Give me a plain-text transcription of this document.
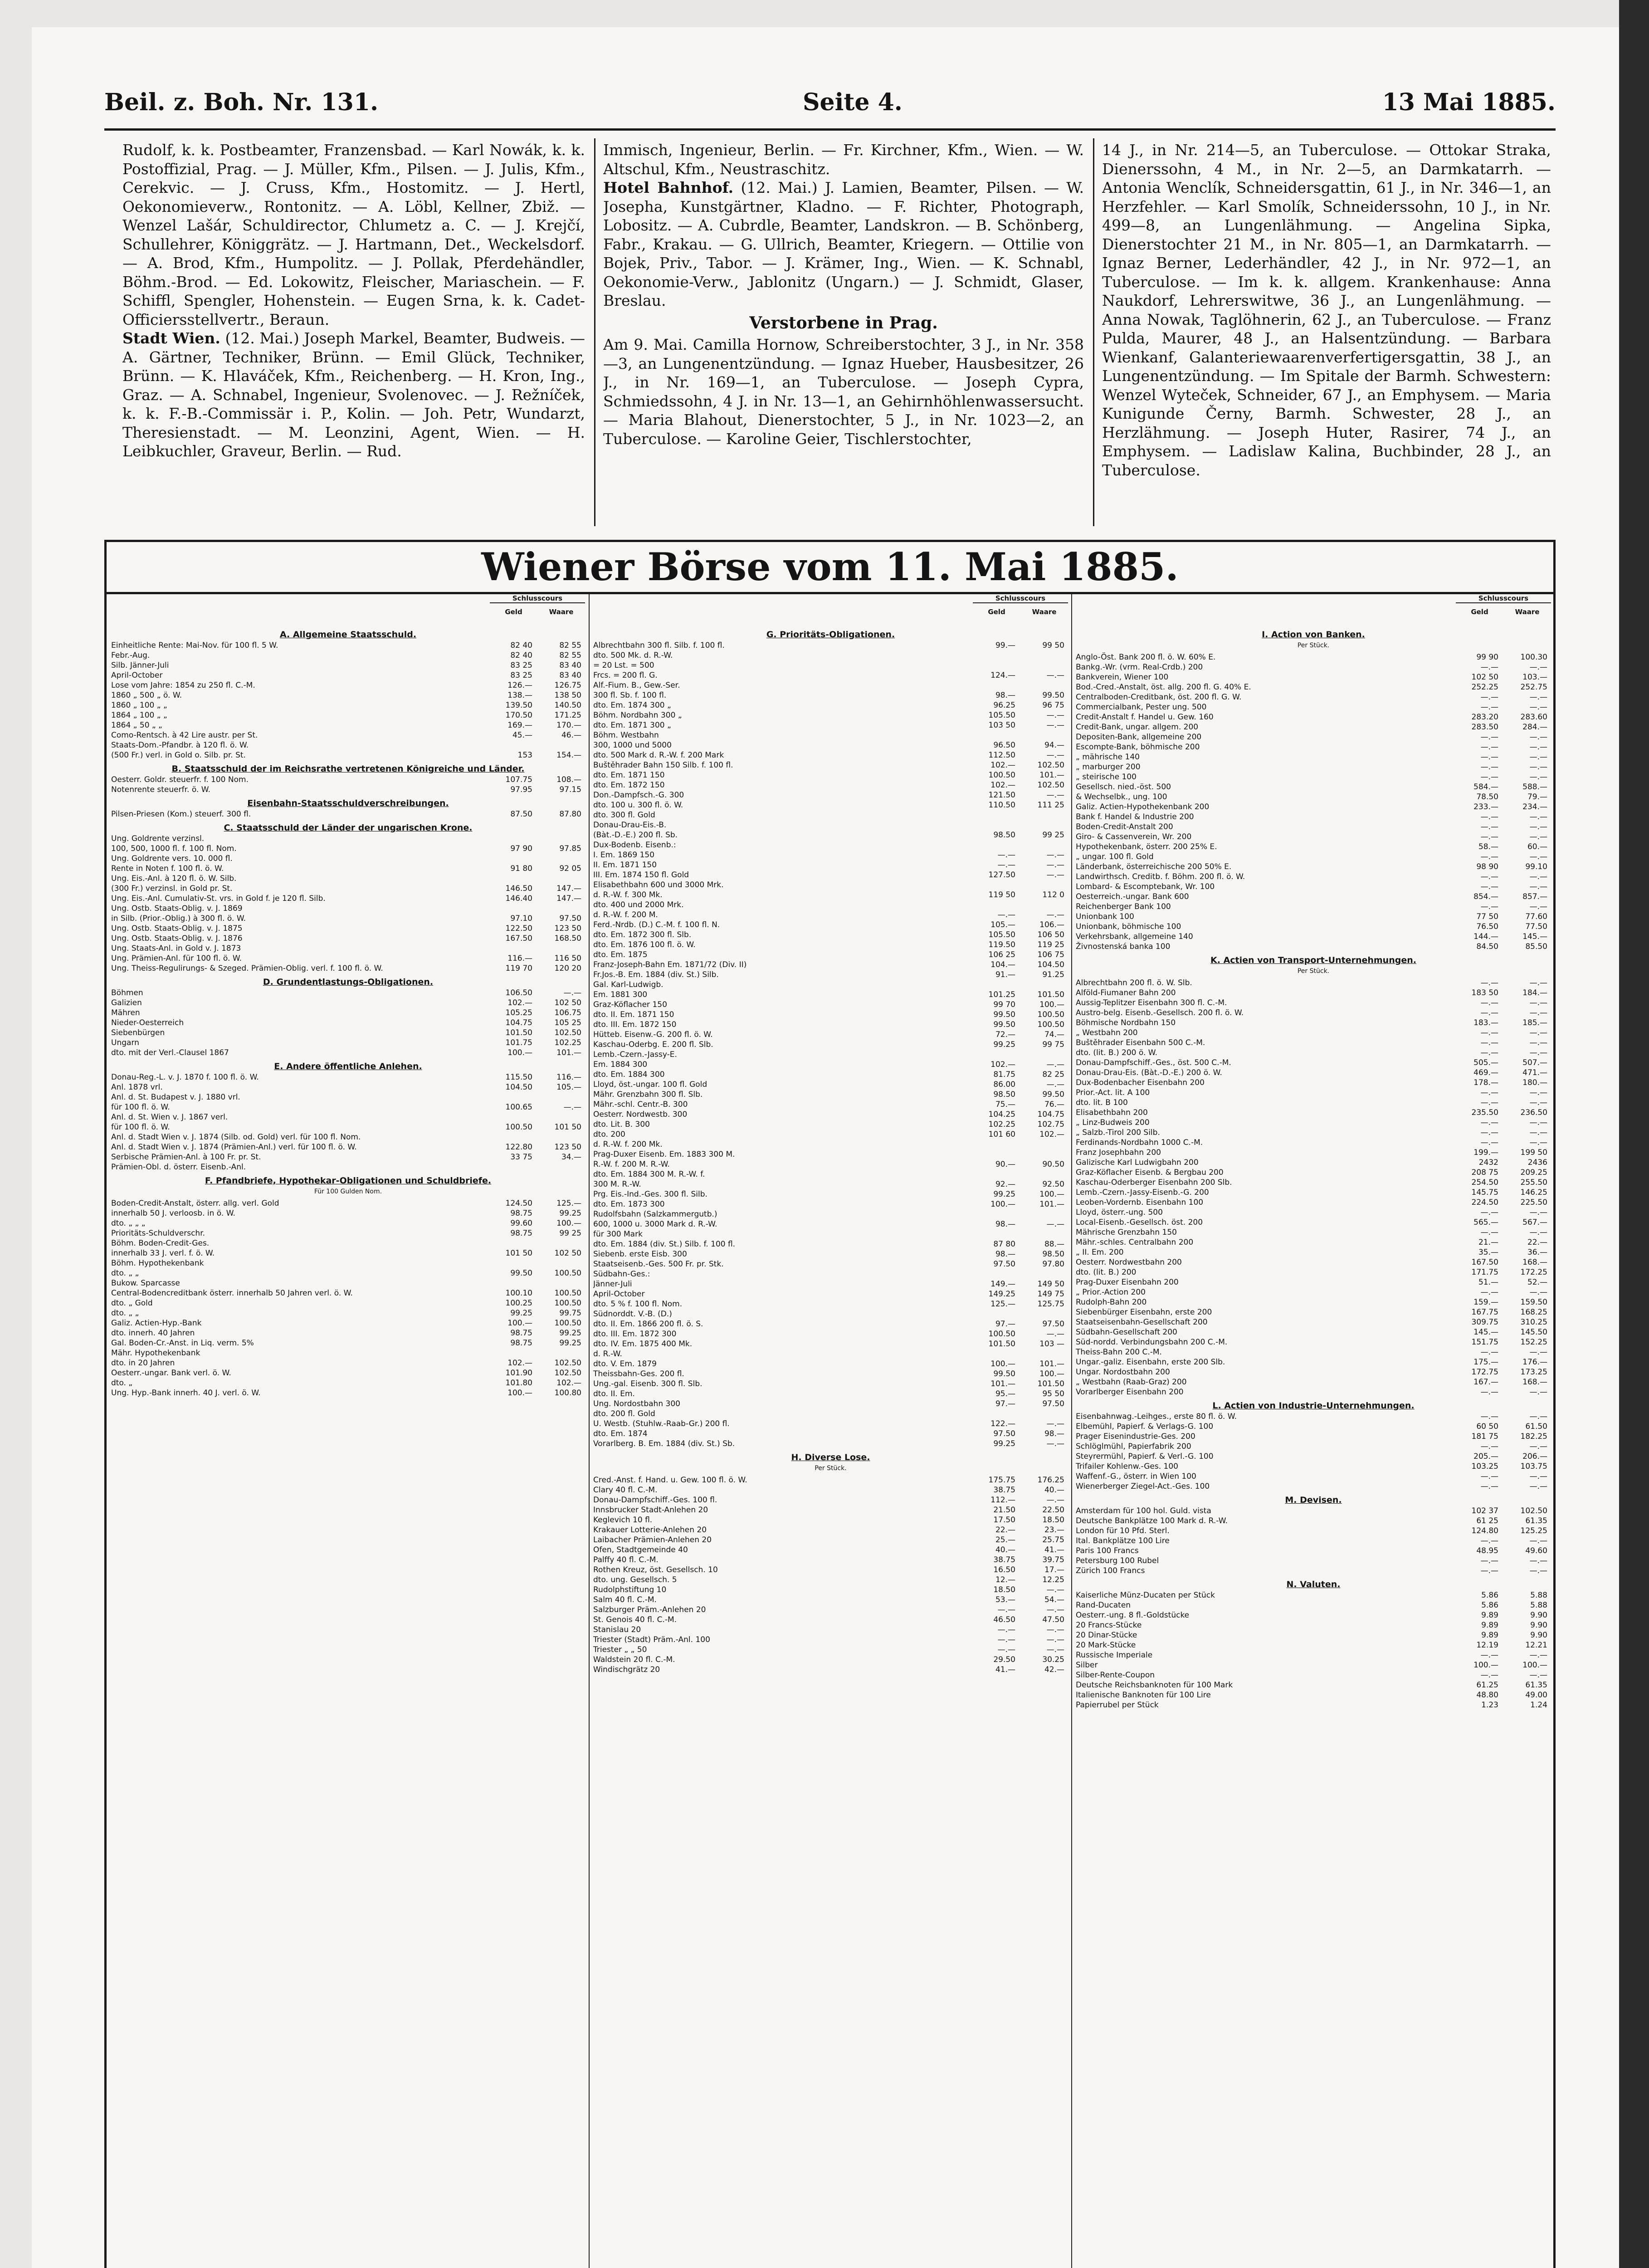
Beil. z. Boh. Nr. 131.	Seite 4.	13 Mai 1885.

Rudolf, k. k. Postbeamter, Franzensbad. — Karl Nowák, k. k. Postoffizial, Prag. — J. Müller, Kfm., Pilsen. — J. Julis, Kfm., Cerekvic. — J. Cruss, Kfm., Hostomitz. — J. Hertl, Oekonomieverw., Rontonitz. — A. Löbl, Kellner, Zbiž. — Wenzel Lašár, Schuldirector, Chlumetz a. C. — J. Krejčí, Schullehrer, Königgrätz. — J. Hartmann, Det., Weckelsdorf. — A. Brod, Kfm., Humpolitz. — J. Pollak, Pferdehändler, Böhm.-Brod. — Ed. Lokowitz, Fleischer, Mariaschein. — F. Schiffl, Spengler, Hohenstein. — Eugen Srna, k. k. Cadet-Officiersstellvertr., Beraun.

Stadt Wien. (12. Mai.) Joseph Markel, Beamter, Budweis. — A. Gärtner, Techniker, Brünn. — Emil Glück, Techniker, Brünn. — K. Hlaváček, Kfm., Reichenberg. — H. Kron, Ing., Graz. — A. Schnabel, Ingenieur, Svolenovec. — J. Režníček, k. k. F.-B.-Commissär i. P., Kolin. — Joh. Petr, Wundarzt, Theresienstadt. — M. Leonzini, Agent, Wien. — H. Leibkuchler, Graveur, Berlin. — Rud.

Immisch, Ingenieur, Berlin. — Fr. Kirchner, Kfm., Wien. — W. Altschul, Kfm., Neustraschitz.

Hotel Bahnhof. (12. Mai.) J. Lamien, Beamter, Pilsen. — W. Josepha, Kunstgärtner, Kladno. — F. Richter, Photograph, Lobositz. — A. Cubrdle, Beamter, Landskron. — B. Schönberg, Fabr., Krakau. — G. Ullrich, Beamter, Kriegern. — Ottilie von Bojek, Priv., Tabor. — J. Krämer, Ing., Wien. — K. Schnabl, Oekonomie-Verw., Jablonitz (Ungarn.) — J. Schmidt, Glaser, Breslau.

Verstorbene in Prag.

Am 9. Mai. Camilla Hornow, Schreiberstochter, 3 J., in Nr. 358—3, an Lungenentzündung. — Ignaz Hueber, Hausbesitzer, 26 J., in Nr. 169—1, an Tuberculose. — Joseph Cypra, Schmiedssohn, 4 J. in Nr. 13—1, an Gehirnhöhlenwassersucht. — Maria Blahout, Dienerstochter, 5 J., in Nr. 1023—2, an Tuberculose. — Karoline Geier, Tischlerstochter,

14 J., in Nr. 214—5, an Tuberculose. — Ottokar Straka, Dienerssohn, 4 M., in Nr. 2—5, an Darmkatarrh. — Antonia Wenclík, Schneidersgattin, 61 J., in Nr. 346—1, an Herzfehler. — Karl Smolík, Schneiderssohn, 10 J., in Nr. 499—8, an Lungenlähmung. — Angelina Sipka, Dienerstochter 21 M., in Nr. 805—1, an Darmkatarrh. — Ignaz Berner, Lederhändler, 42 J., in Nr. 972—1, an Tuberculose. — Im k. k. allgem. Krankenhause: Anna Naukdorf, Lehrerswitwe, 36 J., an Lungenlähmung. — Anna Nowak, Taglöhnerin, 62 J., an Tuberculose. — Franz Pulda, Maurer, 48 J., an Halsentzündung. — Barbara Wienkanf, Galanteriewaarenverfertigersgattin, 38 J., an Lungenentzündung. — Im Spitale der Barmh. Schwestern: Wenzel Wyteček, Schneider, 67 J., an Emphysem. — Maria Kunigunde Černy, Barmh. Schwester, 28 J., an Herzlähmung. — Joseph Huter, Rasirer, 74 J., an Emphysem. — Ladislaw Kalina, Buchbinder, 28 J., an Tuberculose.

Wiener Börse vom 11. Mai 1885.
Schlusscours
Geld	Waare
Schlusscours
Geld	Waare
Schlusscours
Geld	Waare
A. Allgemeine Staatsschuld.
Einheitliche Rente: Mai-Nov. für 100 fl. 5 W.	82 40	82 55
Febr.-Aug.	82 40	82 55
Silb. Jänner-Juli	83 25	83 40
April-October	83 25	83 40
Lose vom Jahre: 1854 zu 250 fl. C.-M.	126.—	126.75
1860 „ 500 „ ö. W.	138.—	138 50
1860 „ 100 „ „	139.50	140.50
1864 „ 100 „ „	170.50	171.25
1864 „ 50 „ „	169.—	170.—
Como-Rentsch. à 42 Lire austr. per St.	45.—	46.—
Staats-Dom.-Pfandbr. à 120 fl. ö. W.
(500 Fr.) verl. in Gold o. Silb. pr. St.	153	154.—
B. Staatsschuld der im Reichsrathe vertretenen Königreiche und Länder.
Oesterr. Goldr. steuerfr. f. 100 Nom.	107.75	108.—
Notenrente steuerfr. ö. W.	97.95	97.15
Eisenbahn-Staatsschuldverschreibungen.
Pilsen-Priesen (Kom.) steuerf. 300 fl.	87.50	87.80
C. Staatsschuld der Länder der ungarischen Krone.
Ung. Goldrente verzinsl.
100, 500, 1000 fl. f. 100 fl. Nom.	97 90	97.85
Ung. Goldrente vers. 10. 000 fl.
Rente in Noten f. 100 fl. ö. W.	91 80	92 05
Ung. Eis.-Anl. à 120 fl. ö. W. Silb.
(300 Fr.) verzinsl. in Gold pr. St.	146.50	147.—
Ung. Eis.-Anl. Cumulativ-St. vrs. in Gold f. je 120 fl. Silb.	146.40	147.—
Ung. Ostb. Staats-Oblig. v. J. 1869
in Silb. (Prior.-Oblig.) à 300 fl. ö. W.	97.10	97.50
Ung. Ostb. Staats-Oblig. v. J. 1875	122.50	123 50
Ung. Ostb. Staats-Oblig. v. J. 1876	167.50	168.50
Ung. Staats-Anl. in Gold v. J. 1873
Ung. Prämien-Anl. für 100 fl. ö. W.	116.—	116 50
Ung. Theiss-Regulirungs- & Szeged. Prämien-Oblig. verl. f. 100 fl. ö. W.	119 70	120 20
D. Grundentlastungs-Obligationen.
Böhmen	106.50	—.—
Galizien	102.—	102 50
Mähren	105.25	106.75
Nieder-Oesterreich	104.75	105 25
Siebenbürgen	101.50	102.50
Ungarn	101.75	102.25
dto. mit der Verl.-Clausel 1867	100.—	101.—
E. Andere öffentliche Anlehen.
Donau-Reg.-L. v. J. 1870 f. 100 fl. ö. W.	115.50	116.—
Anl. 1878 vrl.	104.50	105.—
Anl. d. St. Budapest v. J. 1880 vrl.
für 100 fl. ö. W.	100.65	—.—
Anl. d. St. Wien v. J. 1867 verl.
für 100 fl. ö. W.	100.50	101 50
Anl. d. Stadt Wien v. J. 1874 (Silb. od. Gold) verl. für 100 fl. Nom.
Anl. d. Stadt Wien v. J. 1874 (Prämien-Anl.) verl. für 100 fl. ö. W.	122.80	123 50
Serbische Prämien-Anl. à 100 Fr. pr. St.	33 75	34.—
Prämien-Obl. d. österr. Eisenb.-Anl.
F. Pfandbriefe, Hypothekar-Obligationen und Schuldbriefe.
Für 100 Gulden Nom.
Boden-Credit-Anstalt, österr. allg. verl. Gold	124.50	125.—
innerhalb 50 J. verloosb. in ö. W.	98.75	99.25
dto. „ „ „	99.60	100.—
Prioritäts-Schuldverschr.	98.75	99 25
Böhm. Boden-Credit-Ges.
innerhalb 33 J. verl. f. ö. W.	101 50	102 50
Böhm. Hypothekenbank
dto. „ „	99.50	100.50
Bukow. Sparcasse
Central-Bodencreditbank österr. innerhalb 50 Jahren verl. ö. W.	100.10	100.50
dto. „ Gold	100.25	100.50
dto. „ „	99.25	99.75
Galiz. Actien-Hyp.-Bank	100.—	100.50
dto. innerh. 40 Jahren	98.75	99.25
Gal. Boden-Cr.-Anst. in Liq. verm. 5%	98.75	99.25
Mähr. Hypothekenbank
dto. in 20 Jahren	102.—	102.50
Oesterr.-ungar. Bank verl. ö. W.	101.90	102.50
dto. „	101.80	102.—
Ung. Hyp.-Bank innerh. 40 J. verl. ö. W.	100.—	100.80
G. Prioritäts-Obligationen.
Albrechtbahn 300 fl. Silb. f. 100 fl.	99.—	99 50
dto. 500 Mk. d. R.-W.
= 20 Lst. = 500
Frcs. = 200 fl. G.	124.—	—.—
Alf.-Fium. B., Gew.-Ser.
300 fl. Sb. f. 100 fl.	98.—	99.50
dto. Em. 1874 300 „	96.25	96 75
Böhm. Nordbahn 300 „	105.50	—.—
dto. Em. 1871 300 „	103 50	—.—
Böhm. Westbahn
300, 1000 und 5000	96.50	94.—
dto. 500 Mark d. R.-W. f. 200 Mark	112.50	—.—
Buštěhrader Bahn 150 Silb. f. 100 fl.	102.—	102.50
dto. Em. 1871 150	100.50	101.—
dto. Em. 1872 150	102.—	102.50
Don.-Dampfsch.-G. 300	121.50	—.—
dto. 100 u. 300 fl. ö. W.	110.50	111 25
dto. 300 fl. Gold
Donau-Drau-Eis.-B.
(Bàt.-D.-E.) 200 fl. Sb.	98.50	99 25
Dux-Bodenb. Eisenb.:
I. Em. 1869 150	—.—	—.—
II. Em. 1871 150	—.—	—.—
III. Em. 1874 150 fl. Gold	127.50	—.—
Elisabethbahn 600 und 3000 Mrk.
d. R.-W. f. 300 Mk.	119 50	112 0
dto. 400 und 2000 Mrk.
d. R.-W. f. 200 M.	—.—	—.—
Ferd.-Nrdb. (D.) C.-M. f. 100 fl. N.	105.—	106.—
dto. Em. 1872 300 fl. Slb.	105.50	106 50
dto. Em. 1876 100 fl. ö. W.	119.50	119 25
dto. Em. 1875	106 25	106 75
Franz-Joseph-Bahn Em. 1871/72 (Div. II)	104.—	104.50
Fr.Jos.-B. Em. 1884 (div. St.) Silb.	91.—	91.25
Gal. Karl-Ludwigb.
Em. 1881 300	101.25	101.50
Graz-Köflacher 150	99 70	100.—
dto. II. Em. 1871 150	99.50	100.50
dto. III. Em. 1872 150	99.50	100.50
Hütteb. Eisenw.-G. 200 fl. ö. W.	72.—	74.—
Kaschau-Oderbg. E. 200 fl. Slb.	99.25	99 75
Lemb.-Czern.-Jassy-E.
Em. 1884 300	102.—	—.—
dto. Em. 1884 300	81.75	82 25
Lloyd, öst.-ungar. 100 fl. Gold	86.00	—.—
Mähr. Grenzbahn 300 fl. Slb.	98.50	99.50
Mähr.-schl. Centr.-B. 300	75.—	76.—
Oesterr. Nordwestb. 300	104.25	104.75
dto. Lit. B. 300	102.25	102.75
dto. 200	101 60	102.—
d. R.-W. f. 200 Mk.
Prag-Duxer Eisenb. Em. 1883 300 M.
R.-W. f. 200 M. R.-W.	90.—	90.50
dto. Em. 1884 300 M. R.-W. f.
300 M. R.-W.	92.—	92.50
Prg. Eis.-Ind.-Ges. 300 fl. Silb.	99.25	100.—
dto. Em. 1873 300	100.—	101.—
Rudolfsbahn (Salzkammergutb.)
600, 1000 u. 3000 Mark d. R.-W.	98.—	—.—
für 300 Mark
dto. Em. 1884 (div. St.) Silb. f. 100 fl.	87 80	88.—
Siebenb. erste Eisb. 300	98.—	98.50
Staatseisenb.-Ges. 500 Fr. pr. Stk.	97.50	97.80
Südbahn-Ges.:
Jänner-Juli	149.—	149 50
April-October	149.25	149 75
dto. 5 % f. 100 fl. Nom.	125.—	125.75
Südnorddt. V.-B. (D.)
dto. II. Em. 1866 200 fl. ö. S.	97.—	97.50
dto. III. Em. 1872 300	100.50	—.—
dto. IV. Em. 1875 400 Mk.	101.50	103 —
d. R.-W.
dto. V. Em. 1879	100.—	101.—
Theissbahn-Ges. 200 fl.	99.50	100.—
Ung.-gal. Eisenb. 300 fl. Slb.	101.—	101.50
dto. II. Em.	95.—	95 50
Ung. Nordostbahn 300	97.—	97.50
dto. 200 fl. Gold
U. Westb. (Stuhlw.-Raab-Gr.) 200 fl.	122.—	—.—
dto. Em. 1874	97.50	98.—
Vorarlberg. B. Em. 1884 (div. St.) Sb.	99.25	—.—
H. Diverse Lose.
Per Stück.
Cred.-Anst. f. Hand. u. Gew. 100 fl. ö. W.	175.75	176.25
Clary 40 fl. C.-M.	38.75	40.—
Donau-Dampfschiff.-Ges. 100 fl.	112.—	—.—
Innsbrucker Stadt-Anlehen 20	21.50	22.50
Keglevich 10 fl.	17.50	18.50
Krakauer Lotterie-Anlehen 20	22.—	23.—
Laibacher Prämien-Anlehen 20	25.—	25.75
Ofen, Stadtgemeinde 40	40.—	41.—
Palffy 40 fl. C.-M.	38.75	39.75
Rothen Kreuz, öst. Gesellsch. 10	16.50	17.—
dto. ung. Gesellsch. 5	12.—	12.25
Rudolphstiftung 10	18.50	—.—
Salm 40 fl. C.-M.	53.—	54.—
Salzburger Präm.-Anlehen 20	—.—	—.—
St. Genois 40 fl. C.-M.	46.50	47.50
Stanislau 20	—.—	—.—
Triester (Stadt) Präm.-Anl. 100	—.—	—.—
Triester „ „ 50	—.—	—.—
Waldstein 20 fl. C.-M.	29.50	30.25
Windischgrätz 20	41.—	42.—
I. Action von Banken.
Per Stück.
Anglo-Öst. Bank 200 fl. ö. W. 60% E.	99 90	100.30
Bankg.-Wr. (vrm. Real-Crdb.) 200	—.—	—.—
Bankverein, Wiener 100	102 50	103.—
Bod.-Cred.-Anstalt, öst. allg. 200 fl. G. 40% E.	252.25	252.75
Centralboden-Creditbank, öst. 200 fl. G. W.	—.—	—.—
Commercialbank, Pester ung. 500	—.—	—.—
Credit-Anstalt f. Handel u. Gew. 160	283.20	283.60
Credit-Bank, ungar. allgem. 200	283.50	284.—
Depositen-Bank, allgemeine 200	—.—	—.—
Escompte-Bank, böhmische 200	—.—	—.—
„ mährische 140	—.—	—.—
„ marburger 200	—.—	—.—
„ steirische 100	—.—	—.—
Gesellsch. nied.-öst. 500	584.—	588.—
& Wechselbk., ung. 100	78.50	79.—
Galiz. Actien-Hypothekenbank 200	233.—	234.—
Bank f. Handel & Industrie 200	—.—	—.—
Boden-Credit-Anstalt 200	—.—	—.—
Giro- & Cassenverein, Wr. 200	—.—	—.—
Hypothekenbank, österr. 200 25% E.	58.—	60.—
„ ungar. 100 fl. Gold	—.—	—.—
Länderbank, österreichische 200 50% E.	98 90	99.10
Landwirthsch. Creditb. f. Böhm. 200 fl. ö. W.	—.—	—.—
Lombard- & Escomptebank, Wr. 100	—.—	—.—
Oesterreich.-ungar. Bank 600	854.—	857.—
Reichenberger Bank 100	—.—	—.—
Unionbank 100	77 50	77.60
Unionbank, böhmische 100	76.50	77.50
Verkehrsbank, allgemeine 140	144.—	145.—
Živnostenská banka 100	84.50	85.50
K. Actien von Transport-Unternehmungen.
Per Stück.
Albrechtbahn 200 fl. ö. W. Slb.	—.—	—.—
Alföld-Fiumaner Bahn 200	183 50	184.—
Aussig-Teplitzer Eisenbahn 300 fl. C.-M.	—.—	—.—
Austro-belg. Eisenb.-Gesellsch. 200 fl. ö. W.	—.—	—.—
Böhmische Nordbahn 150	183.—	185.—
„ Westbahn 200	—.—	—.—
Buštěhrader Eisenbahn 500 C.-M.	—.—	—.—
dto. (lit. B.) 200 ö. W.	—.—	—.—
Donau-Dampfschiff.-Ges., öst. 500 C.-M.	505.—	507.—
Donau-Drau-Eis. (Bàt.-D.-E.) 200 ö. W.	469.—	471.—
Dux-Bodenbacher Eisenbahn 200	178.—	180.—
Prior.-Act. lit. A 100	—.—	—.—
dto. lit. B 100	—.—	—.—
Elisabethbahn 200	235.50	236.50
„ Linz-Budweis 200	—.—	—.—
„ Salzb.-Tirol 200 Silb.	—.—	—.—
Ferdinands-Nordbahn 1000 C.-M.	—.—	—.—
Franz Josephbahn 200	199.—	199 50
Galizische Karl Ludwigbahn 200	2432	2436
Graz-Köflacher Eisenb. & Bergbau 200	208 75	209.25
Kaschau-Oderberger Eisenbahn 200 Slb.	254.50	255.50
Lemb.-Czern.-Jassy-Eisenb.-G. 200	145.75	146.25
Leoben-Vordernb. Eisenbahn 100	224.50	225.50
Lloyd, österr.-ung. 500	—.—	—.—
Local-Eisenb.-Gesellsch. öst. 200	565.—	567.—
Mährische Grenzbahn 150	—.—	—.—
Mähr.-schles. Centralbahn 200	21.—	22.—
„ II. Em. 200	35.—	36.—
Oesterr. Nordwestbahn 200	167.50	168.—
dto. (lit. B.) 200	171.75	172.25
Prag-Duxer Eisenbahn 200	51.—	52.—
„ Prior.-Action 200	—.—	—.—
Rudolph-Bahn 200	159.—	159.50
Siebenbürger Eisenbahn, erste 200	167.75	168.25
Staatseisenbahn-Gesellschaft 200	309.75	310.25
Südbahn-Gesellschaft 200	145.—	145.50
Süd-nordd. Verbindungsbahn 200 C.-M.	151.75	152.25
Theiss-Bahn 200 C.-M.	—.—	—.—
Ungar.-galiz. Eisenbahn, erste 200 Slb.	175.—	176.—
Ungar. Nordostbahn 200	172.75	173.25
„ Westbahn (Raab-Graz) 200	167.—	168.—
Vorarlberger Eisenbahn 200	—.—	—.—
L. Actien von Industrie-Unternehmungen.
Eisenbahnwag.-Leihges., erste 80 fl. ö. W.	—.—	—.—
Elbemühl, Papierf. & Verlags-G. 100	60 50	61.50
Prager Eisenindustrie-Ges. 200	181 75	182.25
Schlöglmühl, Papierfabrik 200	—.—	—.—
Steyrermühl, Papierf. & Verl.-G. 100	205.—	206.—
Trifailer Kohlenw.-Ges. 100	103.25	103.75
Waffenf.-G., österr. in Wien 100	—.—	—.—
Wienerberger Ziegel-Act.-Ges. 100	—.—	—.—
M. Devisen.
Amsterdam für 100 hol. Guld. vista	102 37	102.50
Deutsche Bankplätze 100 Mark d. R.-W.	61 25	61.35
London für 10 Pfd. Sterl.	124.80	125.25
Ital. Bankplätze 100 Lire	—.—	—.—
Paris 100 Francs	48.95	49.60
Petersburg 100 Rubel	—.—	—.—
Zürich 100 Francs	—.—	—.—
N. Valuten.
Kaiserliche Münz-Ducaten per Stück	5.86	5.88
Rand-Ducaten	5.86	5.88
Oesterr.-ung. 8 fl.-Goldstücke	9.89	9.90
20 Francs-Stücke	9.89	9.90
20 Dinar-Stücke	9.89	9.90
20 Mark-Stücke	12.19	12.21
Russische Imperiale	—.—	—.—
Silber	100.—	100.—
Silber-Rente-Coupon	—.—	—.—
Deutsche Reichsbanknoten für 100 Mark	61.25	61.35
Italienische Banknoten für 100 Lire	48.80	49.00
Papierrubel per Stück	1.23	1.24
